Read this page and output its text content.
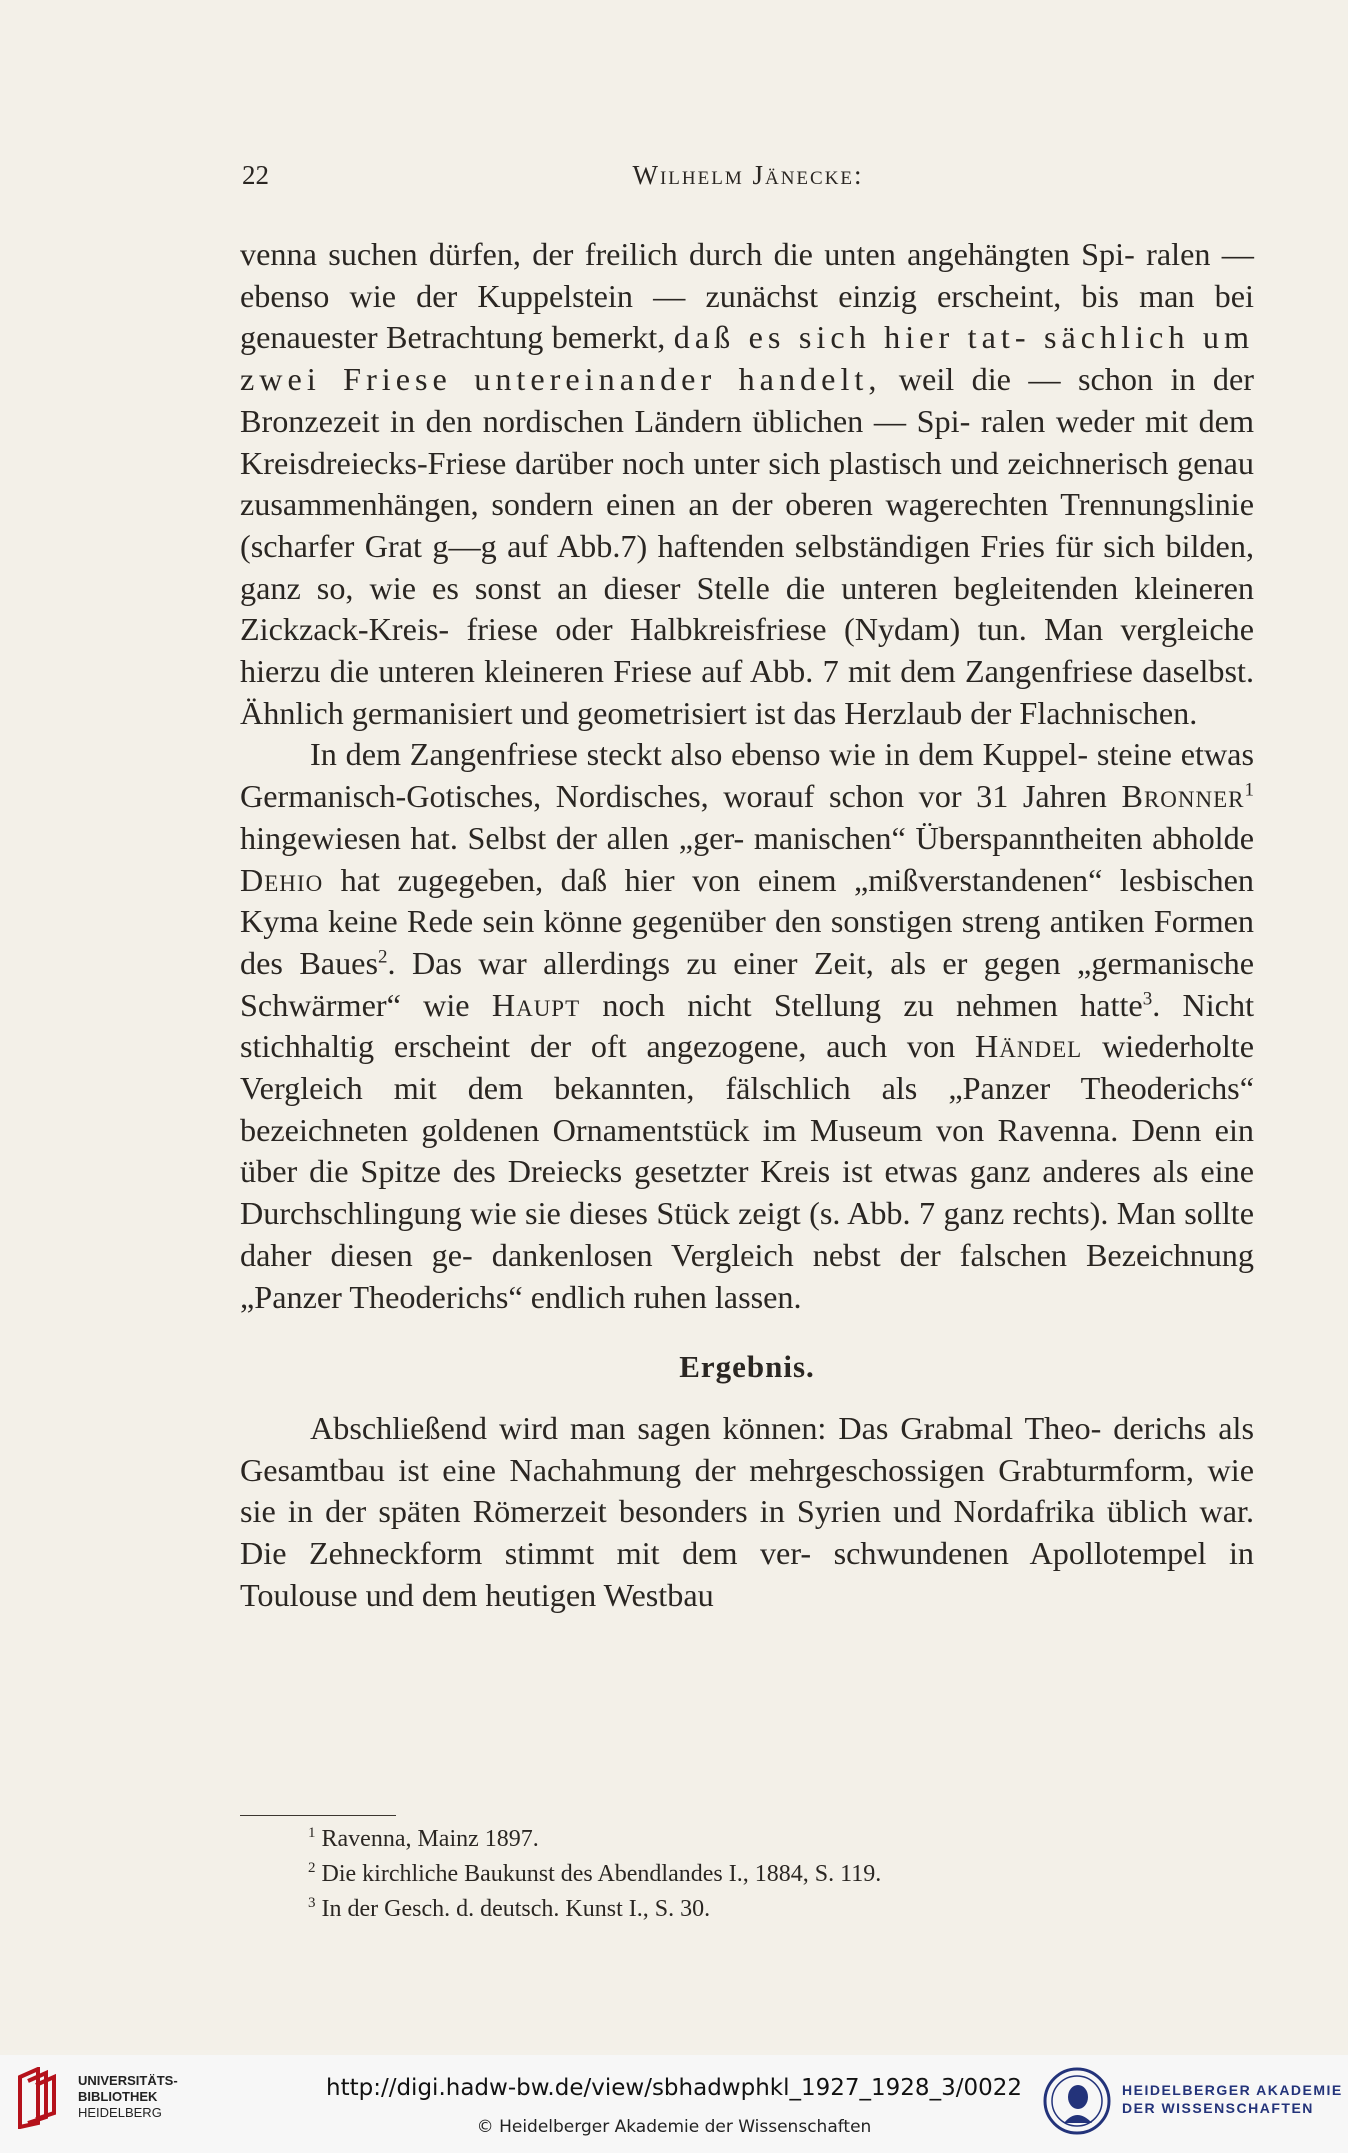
22	Wilhelm Jänecke:

venna suchen dürfen, der freilich durch die unten angehängten Spi- ralen — ebenso wie der Kuppelstein — zunächst einzig erscheint, bis man bei genauester Betrachtung bemerkt, daß es sich hier tat- sächlich um zwei Friese untereinander handelt, weil die — schon in der Bronzezeit in den nordischen Ländern üblichen — Spi- ralen weder mit dem Kreisdreiecks-Friese darüber noch unter sich plastisch und zeichnerisch genau zusammenhängen, sondern einen an der oberen wagerechten Trennungslinie (scharfer Grat g—g auf Abb.7) haftenden selbständigen Fries für sich bilden, ganz so, wie es sonst an dieser Stelle die unteren begleitenden kleineren Zickzack-Kreis- friese oder Halbkreisfriese (Nydam) tun. Man vergleiche hierzu die unteren kleineren Friese auf Abb. 7 mit dem Zangenfriese daselbst. Ähnlich germanisiert und geometrisiert ist das Herzlaub der Flachnischen.

In dem Zangenfriese steckt also ebenso wie in dem Kuppel- steine etwas Germanisch-Gotisches, Nordisches, worauf schon vor 31 Jahren Bronner$^1$ hingewiesen hat. Selbst der allen „ger- manischen“ Überspanntheiten abholde Dehio hat zugegeben, daß hier von einem „mißverstandenen“ lesbischen Kyma keine Rede sein könne gegenüber den sonstigen streng antiken Formen des Baues$^2$. Das war allerdings zu einer Zeit, als er gegen „germanische Schwärmer“ wie Haupt noch nicht Stellung zu nehmen hatte$^3$. Nicht stichhaltig erscheint der oft angezogene, auch von Händel wiederholte Vergleich mit dem bekannten, fälschlich als „Panzer Theoderichs“ bezeichneten goldenen Ornamentstück im Museum von Ravenna. Denn ein über die Spitze des Dreiecks gesetzter Kreis ist etwas ganz anderes als eine Durchschlingung wie sie dieses Stück zeigt (s. Abb. 7 ganz rechts). Man sollte daher diesen ge- dankenlosen Vergleich nebst der falschen Bezeichnung „Panzer Theoderichs“ endlich ruhen lassen.

Ergebnis.

Abschließend wird man sagen können: Das Grabmal Theo- derichs als Gesamtbau ist eine Nachahmung der mehrgeschossigen Grabturmform, wie sie in der späten Römerzeit besonders in Syrien und Nordafrika üblich war. Die Zehneckform stimmt mit dem ver- schwundenen Apollotempel in Toulouse und dem heutigen Westbau

$^1$ Ravenna, Mainz 1897.
$^2$ Die kirchliche Baukunst des Abendlandes I., 1884, S. 119.
$^3$ In der Gesch. d. deutsch. Kunst I., S. 30.
UNIVERSITÄTS-
BIBLIOTHEK
HEIDELBERG
http://digi.hadw-bw.de/view/sbhadwphkl_1927_1928_3/0022
© Heidelberger Akademie der Wissenschaften
HEIDELBERGER AKADEMIE
DER WISSENSCHAFTEN
